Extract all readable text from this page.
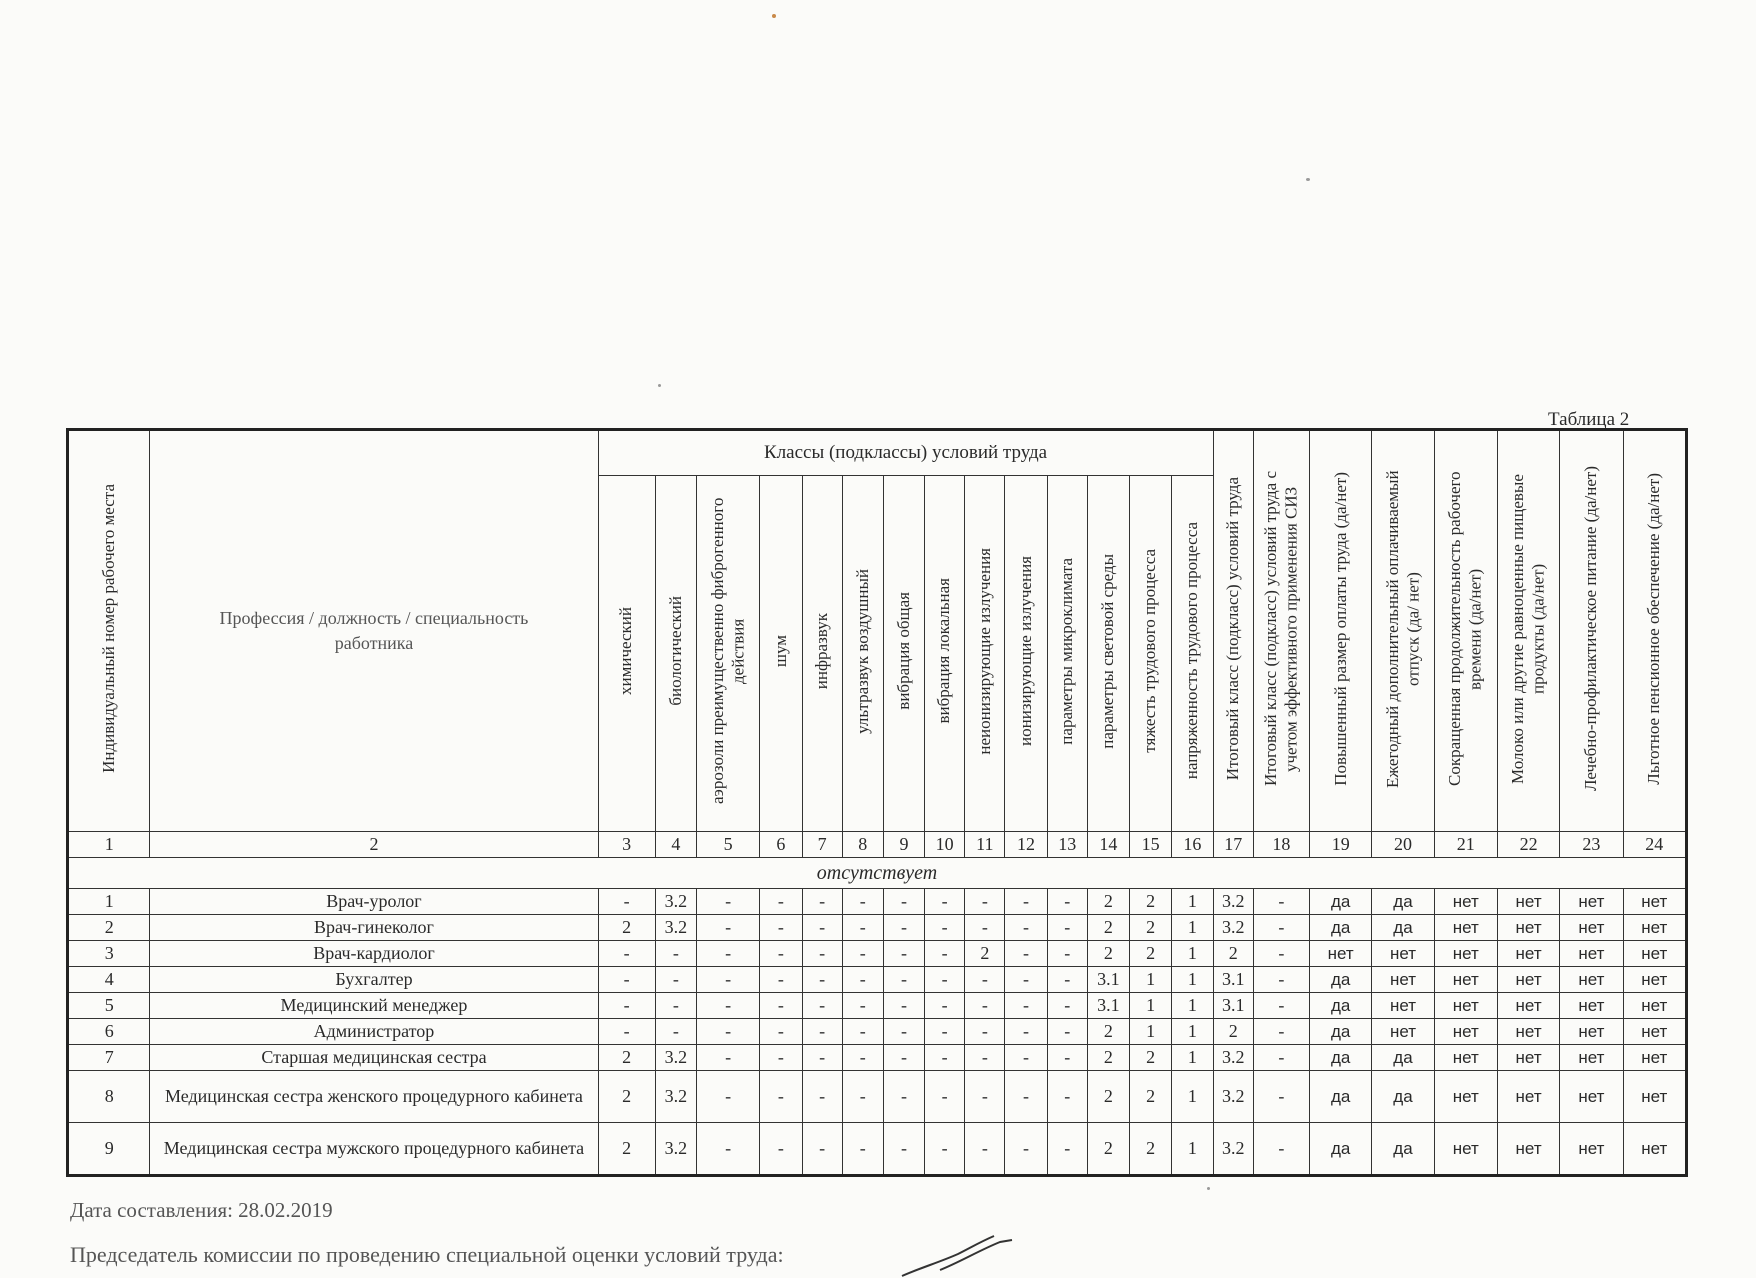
Таблица 2
Индивидуальный номер рабочего места	Профессия / должность / специальность работника	Классы (подклассы) условий труда														Итоговый класс (подкласс) условий труда	Итоговый класс (подкласс) условий труда с учетом эффективного применения СИЗ	Повышенный размер оплаты труда (да/нет)	Ежегодный дополнительный оплачиваемый отпуск (да/ нет)	Сокращенная продолжительность рабочего времени (да/нет)	Молоко или другие равноценные пищевые продукты (да/нет)	Лечебно-профилактическое питание (да/нет)	Льготное пенсионное обеспечение (да/нет)
		химический	биологический	аэрозоли преимущественно фиброгенного действия	шум	инфразвук	ультразвук воздушный	вибрация общая	вибрация локальная	неионизирующие излучения	ионизирующие излучения	параметры микроклимата	параметры световой среды	тяжесть трудового процесса	напряженность трудового процесса								
1	2	3	4	5	6	7	8	9	10	11	12	13	14	15	16	17	18	19	20	21	22	23	24
отсутствует																							
1	Врач-уролог	-	3.2	-	-	-	-	-	-	-	-	-	2	2	1	3.2	-	да	да	нет	нет	нет	нет
2	Врач-гинеколог	2	3.2	-	-	-	-	-	-	-	-	-	2	2	1	3.2	-	да	да	нет	нет	нет	нет
3	Врач-кардиолог	-	-	-	-	-	-	-	-	2	-	-	2	2	1	2	-	нет	нет	нет	нет	нет	нет
4	Бухгалтер	-	-	-	-	-	-	-	-	-	-	-	3.1	1	1	3.1	-	да	нет	нет	нет	нет	нет
5	Медицинский менеджер	-	-	-	-	-	-	-	-	-	-	-	3.1	1	1	3.1	-	да	нет	нет	нет	нет	нет
6	Администратор	-	-	-	-	-	-	-	-	-	-	-	2	1	1	2	-	да	нет	нет	нет	нет	нет
7	Старшая медицинская сестра	2	3.2	-	-	-	-	-	-	-	-	-	2	2	1	3.2	-	да	да	нет	нет	нет	нет
8	Медицинская сестра женского процедурного кабинета	2	3.2	-	-	-	-	-	-	-	-	-	2	2	1	3.2	-	да	да	нет	нет	нет	нет
9	Медицинская сестра мужского процедурного кабинета	2	3.2	-	-	-	-	-	-	-	-	-	2	2	1	3.2	-	да	да	нет	нет	нет	нет
Дата составления: 28.02.2019
Председатель комиссии по проведению специальной оценки условий труда:
